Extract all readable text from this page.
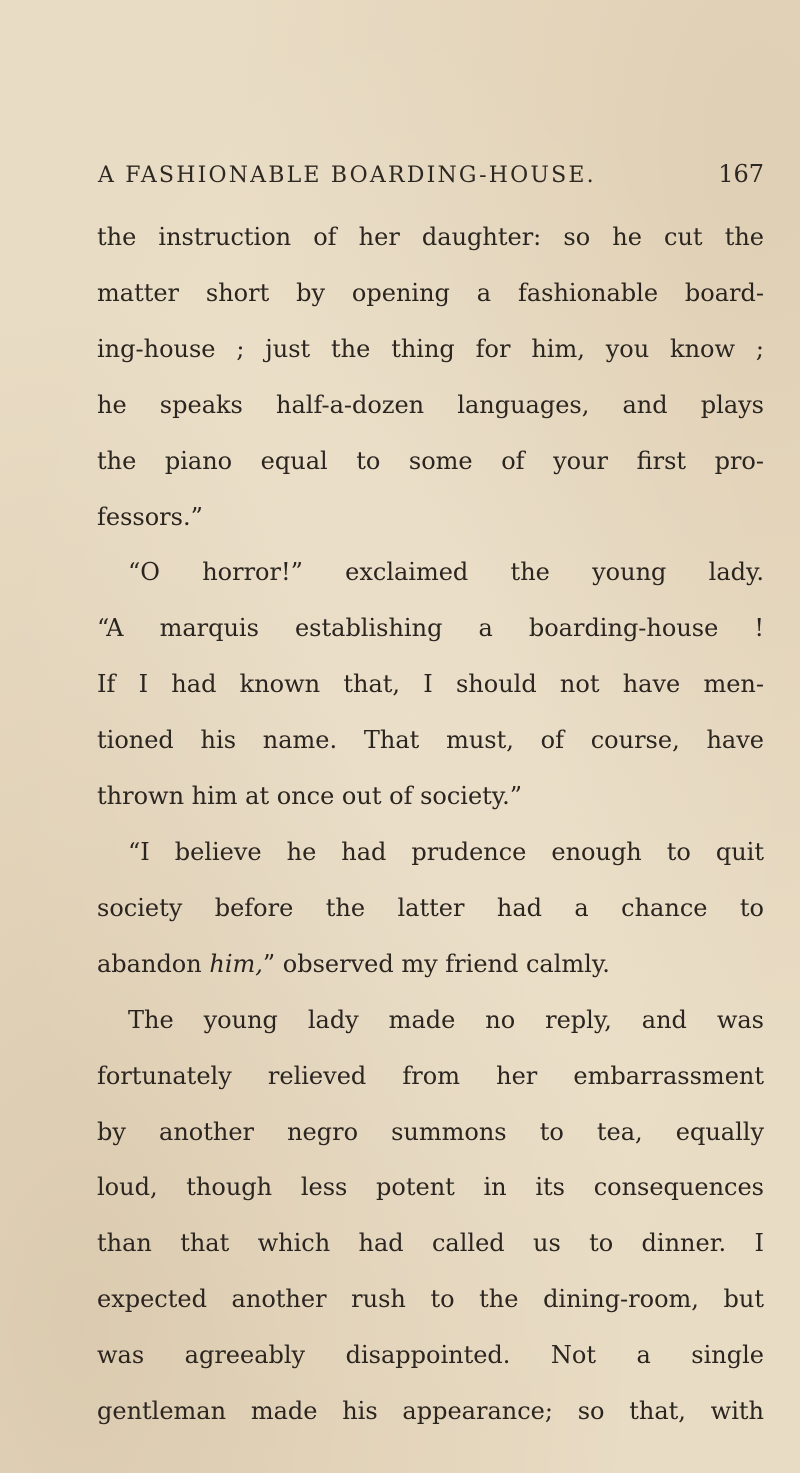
A FASHIONABLE BOARDING-HOUSE.	167
the instruction of her daughter: so he cut the
matter short by opening a fashionable board-
ing-house ; just the thing for him, you know ;
he speaks half-a-dozen languages, and plays
the piano equal to some of your first pro-
fessors.”
“O horror!” exclaimed the young lady.
“A marquis establishing a boarding-house !
If I had known that, I should not have men-
tioned his name. That must, of course, have
thrown him at once out of society.”
“I believe he had prudence enough to quit
society before the latter had a chance to
abandon him,” observed my friend calmly.
The young lady made no reply, and was
fortunately relieved from her embarrassment
by another negro summons to tea, equally
loud, though less potent in its consequences
than that which had called us to dinner. I
expected another rush to the dining-room, but
was agreeably disappointed. Not a single
gentleman made his appearance; so that, with
